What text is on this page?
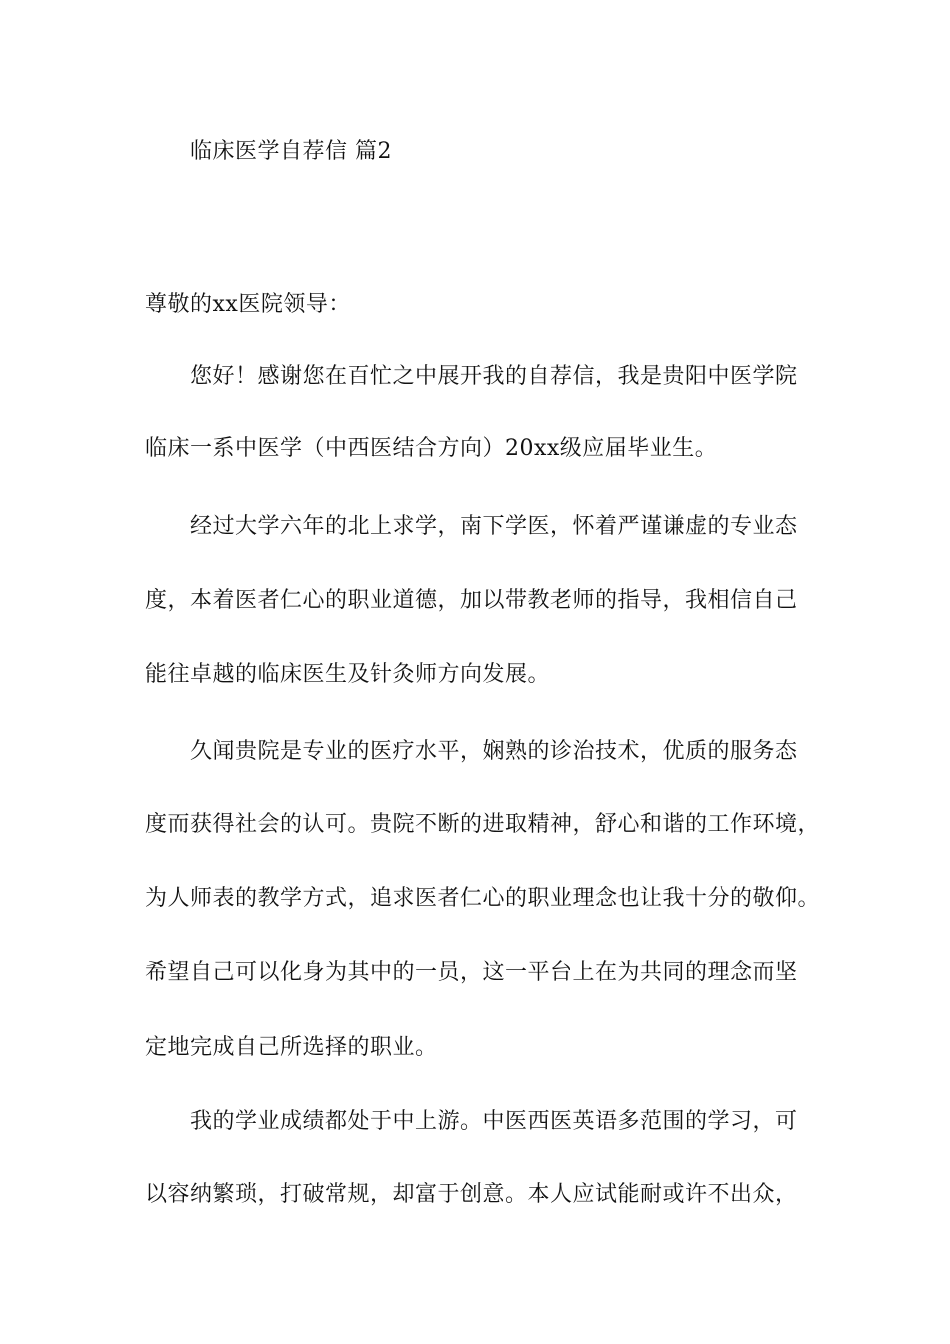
临床医学自荐信 篇2
尊敬的xx医院领导：
您好！感谢您在百忙之中展开我的自荐信，我是贵阳中医学院
临床一系中医学（中西医结合方向）20xx级应届毕业生。
经过大学六年的北上求学，南下学医，怀着严谨谦虚的专业态
度，本着医者仁心的职业道德，加以带教老师的指导，我相信自己
能往卓越的临床医生及针灸师方向发展。
久闻贵院是专业的医疗水平，娴熟的诊治技术，优质的服务态
度而获得社会的认可。贵院不断的进取精神，舒心和谐的工作环境，
为人师表的教学方式，追求医者仁心的职业理念也让我十分的敬仰。
希望自己可以化身为其中的一员，这一平台上在为共同的理念而坚
定地完成自己所选择的职业。
我的学业成绩都处于中上游。中医西医英语多范围的学习，可
以容纳繁琐，打破常规，却富于创意。本人应试能耐或许不出众，
